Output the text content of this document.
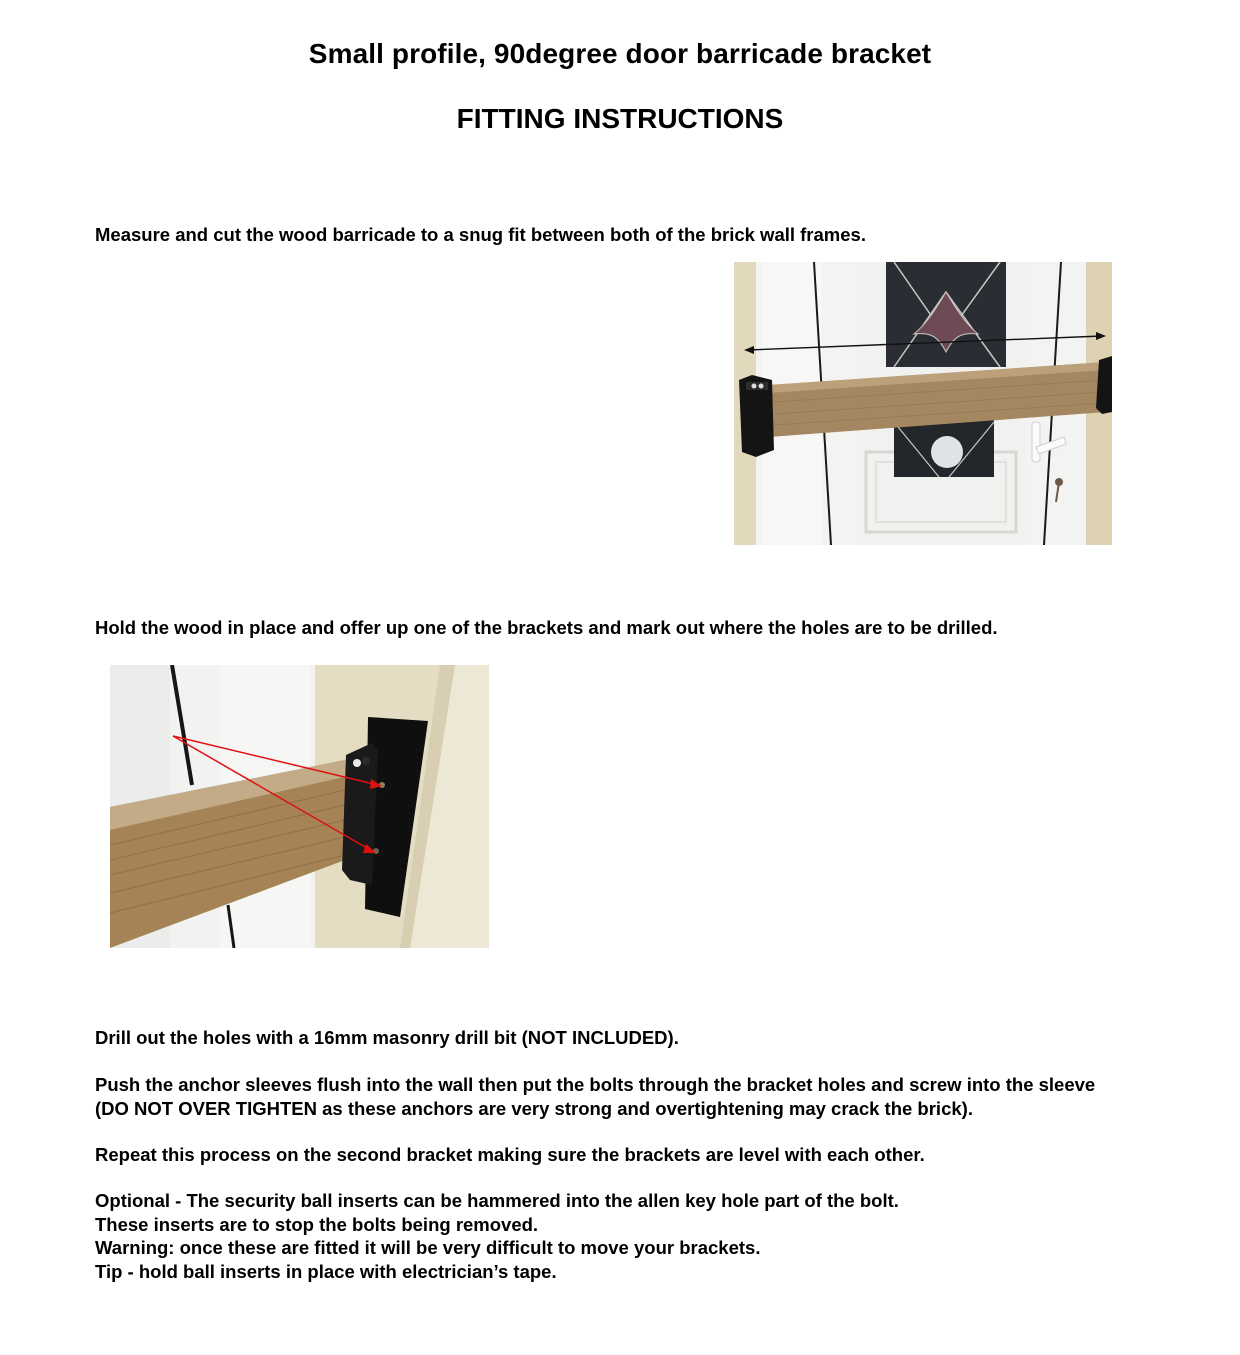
Small profile, 90degree door barricade bracket
FITTING INSTRUCTIONS
Measure and cut the wood barricade to a snug fit between both of the brick wall frames.
Hold the wood in place and offer up one of the brackets and mark out where the holes are to be drilled.
Drill out the holes with a 16mm masonry drill bit (NOT INCLUDED).
Push the anchor sleeves flush into the wall then put the bolts through the bracket holes and screw into the sleeve
(DO NOT OVER TIGHTEN as these anchors are very strong and overtightening may crack the brick).
Repeat this process on the second bracket making sure the brackets are level with each other.
Optional - The security ball inserts can be hammered into the allen key hole part of the bolt.
These inserts are to stop the bolts being removed.
Warning: once these are fitted it will be very difficult to move your brackets.
Tip - hold ball inserts in place with electrician’s tape.
